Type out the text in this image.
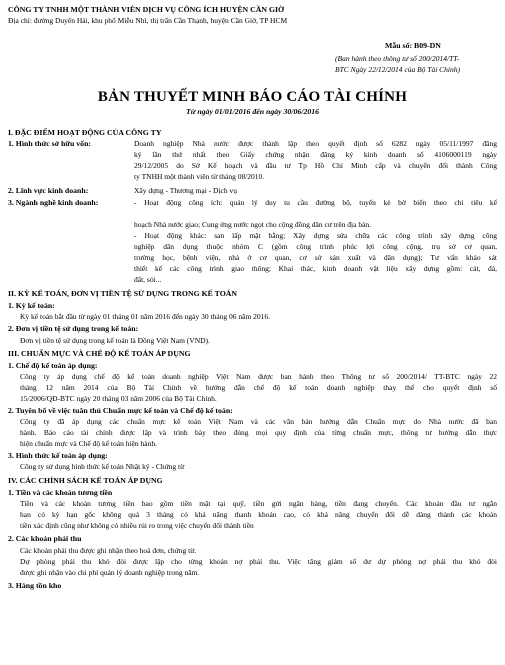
CÔNG TY TNHH MỘT THÀNH VIÊN DỊCH VỤ CÔNG ÍCH HUYỆN CẦN GIỜ
Địa chỉ: đường Duyên Hải, khu phố Miễu Nhì, thị trấn Cần Thạnh, huyện Cần Giờ, TP HCM
Mẫu số: B09-DN
(Ban hành theo thông tư số 200/2014/TT-
BTC Ngày 22/12/2014 của Bộ Tài Chính)
BẢN THUYẾT MINH BÁO CÁO TÀI CHÍNH
Từ ngày 01/01/2016 đến ngày 30/06/2016
I. ĐẶC ĐIỂM HOẠT ĐỘNG CỦA CÔNG TY
1. Hình thức sở hữu vốn:	Doanh nghiệp Nhà nước được thành lập theo quyết định số 6282 ngày 05/11/1997 đăng
ký lần thứ nhất theo Giấy chứng nhận đăng ký kinh doanh số 4106000119 ngày
29/12/2005 do Sở Kế hoạch và đầu tư Tp Hồ Chí Minh cấp và chuyển đổi thành Công
ty TNHH một thành viên từ tháng 08/2010.
2. Lĩnh vực kinh doanh:	Xây dựng - Thương mại - Dịch vụ
3. Ngành nghề kinh doanh:	- Hoạt động công ích: quản lý duy tu cầu đường bộ, tuyến kè bờ biển theo chỉ tiêu kế
hoạch Nhà nước giao; Cung ứng nước ngọt cho cộng đồng dân cư trên địa bàn.
- Hoạt động khác: san lấp mặt bằng; Xây dựng sửa chữa các công trình xây dựng công
nghiệp dân dụng thuộc nhóm C (gồm công trình phúc lợi công cộng, trụ sở cơ quan,
trường học, bệnh viện, nhà ở cơ quan, cơ sở sản xuất và dân dụng); Tư vấn khảo sát
thiết kế các công trình giao thông; Khai thác, kinh doanh vật liệu xây dựng gồm: cát, đá,
đất, sỏi...
II. KỲ KẾ TOÁN, ĐƠN VỊ TIỀN TỆ SỬ DỤNG TRONG KẾ TOÁN
1. Kỳ kế toán:
Kỳ kế toán bắt đầu từ ngày 01 tháng 01 năm 2016 đến ngày 30 tháng 06 năm 2016.
2. Đơn vị tiền tệ sử dụng trong kế toán:
Đơn vị tiền tệ sử dụng trong kế toán là Đồng Việt Nam (VND).
III. CHUẨN MỰC VÀ CHẾ ĐỘ KẾ TOÁN ÁP DỤNG
1. Chế độ kế toán áp dụng:
Công ty áp dụng chế độ kế toán doanh nghiệp Việt Nam được ban hành theo Thông tư số 200/2014/ TT-BTC ngày 22
tháng 12 năm 2014 của Bộ Tài Chính về hướng dẫn chế độ kế toán doanh nghiệp thay thế cho quyết định số
15/2006/QĐ-BTC ngày 20 tháng 03 năm 2006 của Bộ Tài Chính.
2. Tuyên bố về việc tuân thủ Chuẩn mực kế toán và Chế độ kế toán:
Công ty đã áp dụng các chuẩn mực kế toán Việt Nam và các văn bản hướng dẫn Chuẩn mực do Nhà nước đã ban
hành. Báo cáo tài chính được lập và trình bày theo đúng mọi quy định của từng chuẩn mực, thông tư hướng dẫn thực
hiện chuẩn mực và Chế độ kế toán hiện hành.
3. Hình thức kế toán áp dụng:
Công ty sử dụng hình thức kế toán Nhật ký - Chứng từ
IV. CÁC CHÍNH SÁCH KẾ TOÁN ÁP DỤNG
1. Tiền và các khoản tương tiền
Tiền và các khoản tương tiền bao gồm tiền mặt tại quỹ, tiền gửi ngân hàng, tiền đang chuyển. Các khoản đầu tư ngắn
hạn có kỳ hạn gốc không quá 3 tháng có khả năng thanh khoản cao, có khả năng chuyển đổi dễ dàng thành các khoản
tiền xác định cũng như không có nhiều rủi ro trong việc chuyển đổi thành tiền
2. Các khoản phải thu
Các khoản phải thu được ghi nhận theo hoá đơn, chứng từ.
Dự phòng phải thu khó đòi được lập cho từng khoản nợ phải thu. Việc tăng giảm số dư dự phòng nợ phải thu khó đòi
được ghi nhận vào chi phí quản lý doanh nghiệp trong năm.
3. Hàng tồn kho
